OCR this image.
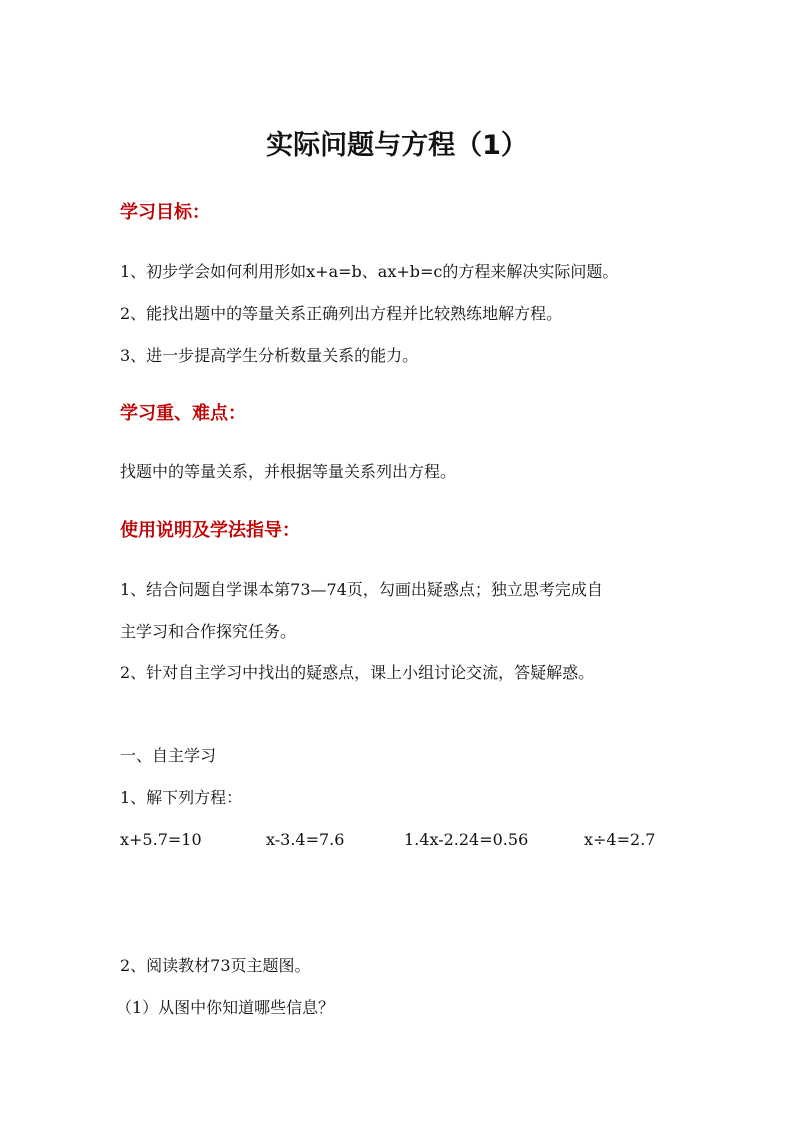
实际问题与方程（1）
学习目标：
1、初步学会如何利用形如x+a=b、ax+b=c的方程来解决实际问题。
2、能找出题中的等量关系正确列出方程并比较熟练地解方程。
3、进一步提高学生分析数量关系的能力。
学习重、难点：
找题中的等量关系，并根据等量关系列出方程。
使用说明及学法指导：
1、结合问题自学课本第73—74页，勾画出疑惑点；独立思考完成自
主学习和合作探究任务。
2、针对自主学习中找出的疑惑点，课上小组讨论交流，答疑解惑。
一、自主学习
1、解下列方程：
x+5.7=10	x-3.4=7.6	1.4x-2.24=0.56	x÷4=2.7
2、阅读教材73页主题图。
（1）从图中你知道哪些信息？
